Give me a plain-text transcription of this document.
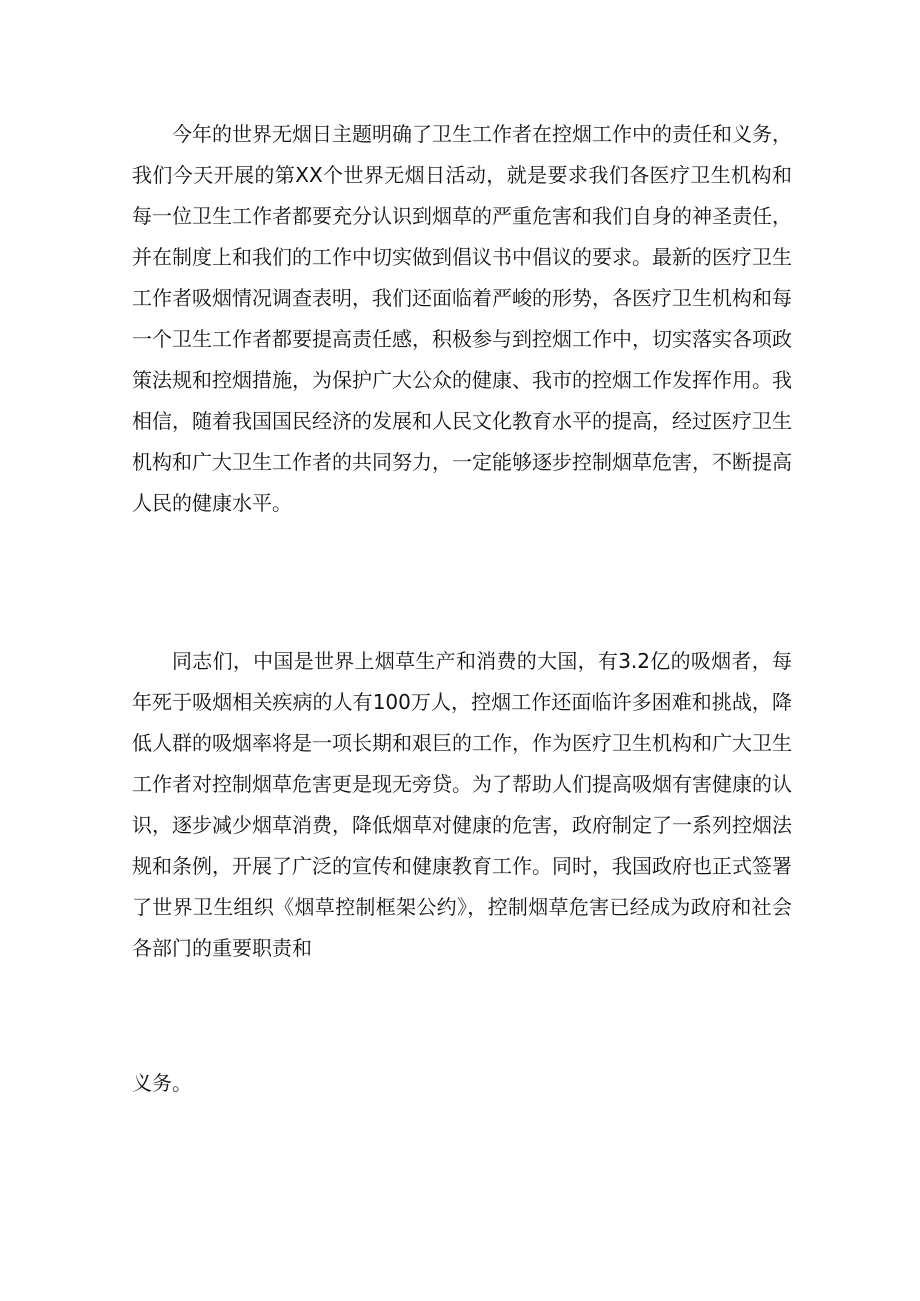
今年的世界无烟日主题明确了卫生工作者在控烟工作中的责任和义务，我们今天开展的第XX个世界无烟日活动，就是要求我们各医疗卫生机构和每一位卫生工作者都要充分认识到烟草的严重危害和我们自身的神圣责任，并在制度上和我们的工作中切实做到倡议书中倡议的要求。最新的医疗卫生工作者吸烟情况调查表明，我们还面临着严峻的形势，各医疗卫生机构和每一个卫生工作者都要提高责任感，积极参与到控烟工作中，切实落实各项政策法规和控烟措施，为保护广大公众的健康、我市的控烟工作发挥作用。我相信，随着我国国民经济的发展和人民文化教育水平的提高，经过医疗卫生机构和广大卫生工作者的共同努力，一定能够逐步控制烟草危害，不断提高人民的健康水平。

同志们，中国是世界上烟草生产和消费的大国，有3.2亿的吸烟者，每年死于吸烟相关疾病的人有100万人，控烟工作还面临许多困难和挑战，降低人群的吸烟率将是一项长期和艰巨的工作，作为医疗卫生机构和广大卫生工作者对控制烟草危害更是现无旁贷。为了帮助人们提高吸烟有害健康的认识，逐步减少烟草消费，降低烟草对健康的危害，政府制定了一系列控烟法规和条例，开展了广泛的宣传和健康教育工作。同时，我国政府也正式签署了世界卫生组织《烟草控制框架公约》，控制烟草危害已经成为政府和社会各部门的重要职责和

义务。
